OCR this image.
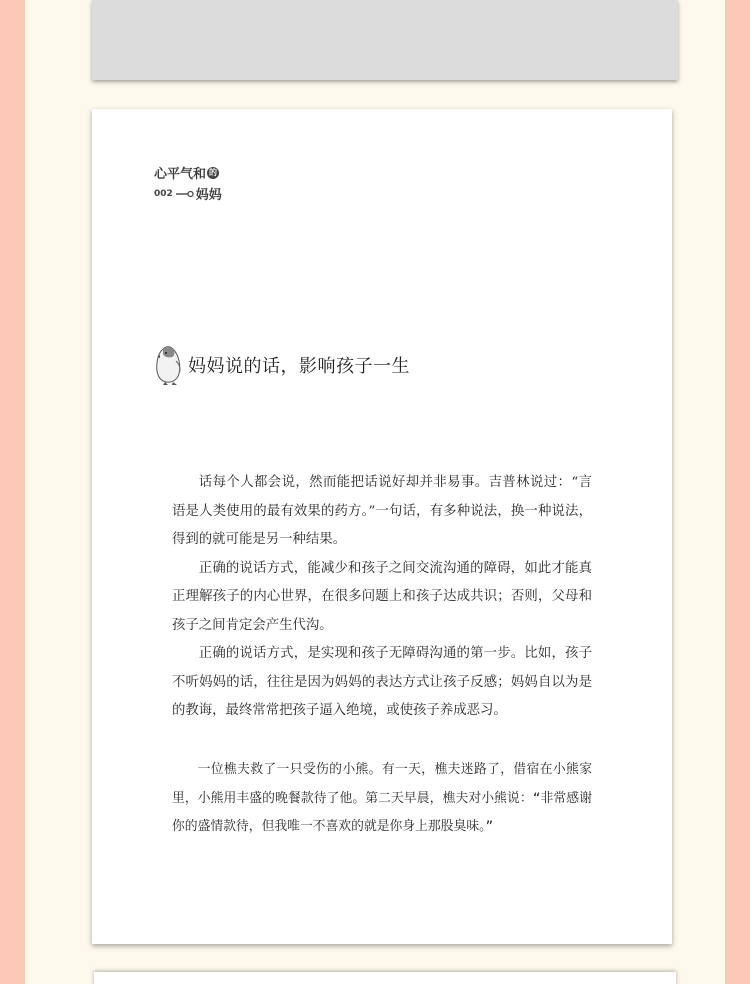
心平气和 的
002 妈妈
妈妈说的话，影响孩子一生

话每个人都会说，然而能把话说好却并非易事。吉普林说过：“言语是人类使用的最有效果的药方。”一句话，有多种说法，换一种说法，得到的就可能是另一种结果。

正确的说话方式，能减少和孩子之间交流沟通的障碍，如此才能真正理解孩子的内心世界，在很多问题上和孩子达成共识；否则，父母和孩子之间肯定会产生代沟。

正确的说话方式，是实现和孩子无障碍沟通的第一步。比如，孩子不听妈妈的话，往往是因为妈妈的表达方式让孩子反感；妈妈自以为是的教诲，最终常常把孩子逼入绝境，或使孩子养成恶习。

一位樵夫救了一只受伤的小熊。有一天，樵夫迷路了，借宿在小熊家里，小熊用丰盛的晚餐款待了他。第二天早晨，樵夫对小熊说：“非常感谢你的盛情款待，但我唯一不喜欢的就是你身上那股臭味。”
